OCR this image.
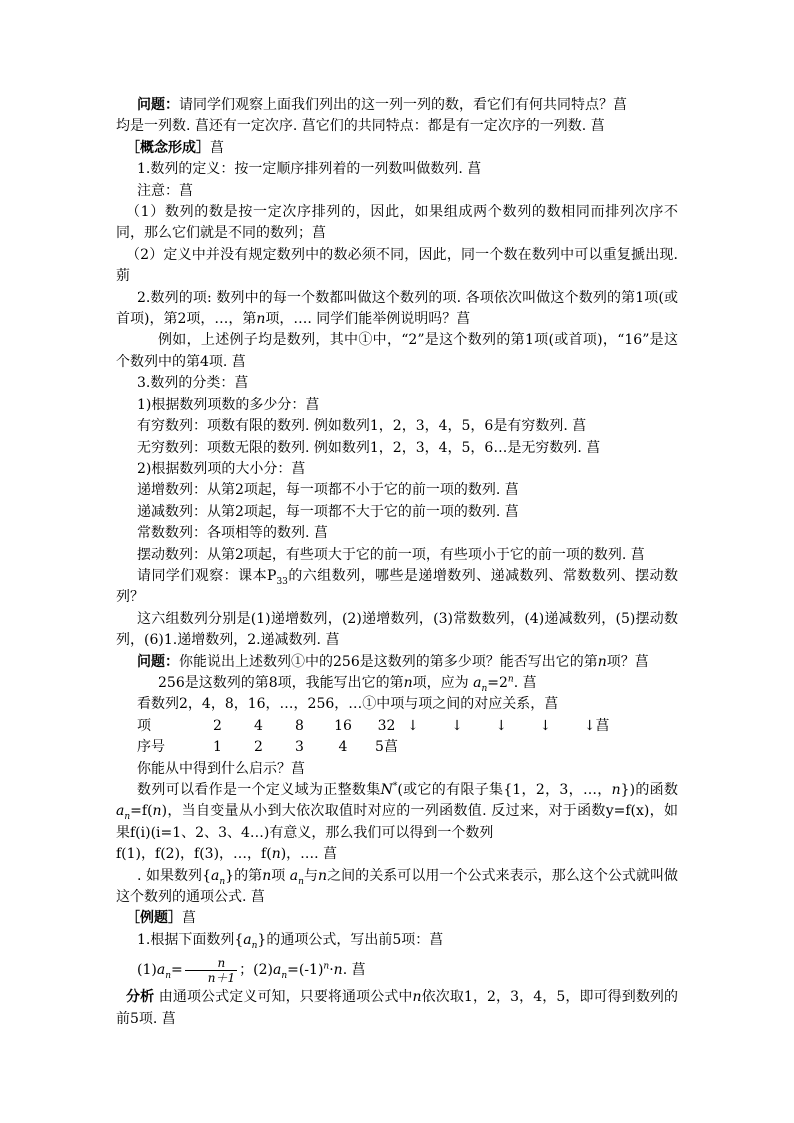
问题：请同学们观察上面我们列出的这一列一列的数，看它们有何共同特点？菖

均是一列数. 菖还有一定次序. 菖它们的共同特点：都是有一定次序的一列数. 菖

［概念形成］菖

1.数列的定义：按一定顺序排列着的一列数叫做数列. 菖

注意：菖

（1）数列的数是按一定次序排列的，因此，如果组成两个数列的数相同而排列次序不同，那么它们就是不同的数列；菖

（2）定义中并没有规定数列中的数必须不同，因此，同一个数在数列中可以重复搋出现. 莂

2.数列的项: 数列中的每一个数都叫做这个数列的项. 各项依次叫做这个数列的第1项(或首项)，第2项，…，第n项，…. 同学们能举例说明吗？菖

例如，上述例子均是数列，其中①中，“2”是这个数列的第1项(或首项)，“16”是这个数列中的第4项. 菖

3.数列的分类：菖

1)根据数列项数的多少分：菖

有穷数列：项数有限的数列. 例如数列1，2，3，4，5，6是有穷数列. 菖

无穷数列：项数无限的数列. 例如数列1，2，3，4，5，6…是无穷数列. 菖

2)根据数列项的大小分：菖

递增数列：从第2项起，每一项都不小于它的前一项的数列. 菖

递减数列：从第2项起，每一项都不大于它的前一项的数列. 菖

常数数列：各项相等的数列. 菖

摆动数列：从第2项起，有些项大于它的前一项，有些项小于它的前一项的数列. 菖

请同学们观察：课本$P_{33}$的六组数列，哪些是递增数列、递减数列、常数数列、摆动数列？

这六组数列分别是(1)递增数列，(2)递增数列，(3)常数数列，(4)递减数列，(5)摆动数列，(6)1.递增数列，2.递减数列. 菖

问题：你能说出上述数列①中的256是这数列的第多少项？能否写出它的第n项？菖

256是这数列的第8项，我能写出它的第n项，应为 $a_n=2^n$. 菖

看数列2，4，8，16，…，256，…①中项与项之间的对应关系，菖

项	2	4	8	16	32 ↓ ↓ ↓ ↓ ↓菖
序号	1	2	3	4	5菖

你能从中得到什么启示？菖

数列可以看作是一个定义域为正整数集N*(或它的有限子集{1，2，3，…，n})的函数$a_n=f(n)$，当自变量从小到大依次取值时对应的一列函数值. 反过来，对于函数y=f(x)，如果f(i)(i=1、2、3、4…)有意义，那么我们可以得到一个数列

f(1)，f(2)，f(3)，…，f(n)，…. 菖

. 如果数列$\{a_n\}$的第n项 $a_n$与n之间的关系可以用一个公式来表示，那么这个公式就叫做这个数列的通项公式. 菖

［例题］菖

1.根据下面数列$\{a_n\}$的通项公式，写出前5项：菖

$(1)a_n= \frac{n}{n+1}$ ；$(2)a_n=(-1)^n\cdot n$. 菖

分析 由通项公式定义可知，只要将通项公式中n依次取1，2，3，4，5，即可得到数列的前5项. 菖
